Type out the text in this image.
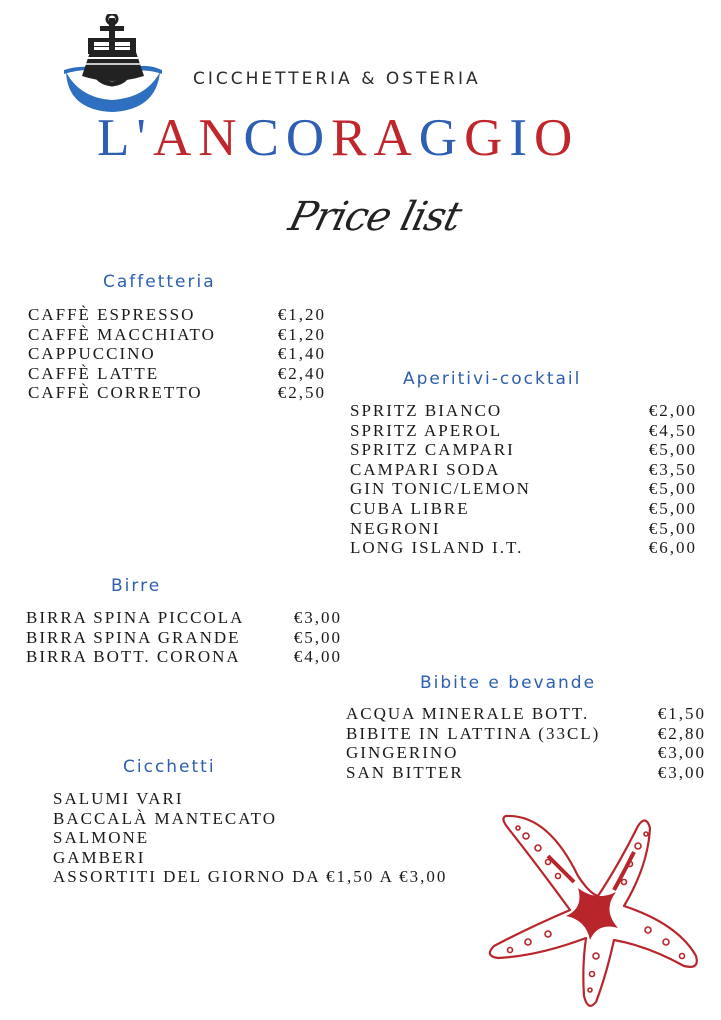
CICCHETTERIA & OSTERIA
L'ANCORAGGIO
Price list
Caffetteria
CAFFÈ ESPRESSO	€1,20
CAFFÈ MACCHIATO	€1,20
CAPPUCCINO	€1,40
CAFFÈ LATTE	€2,40
CAFFÈ CORRETTO	€2,50
Aperitivi-cocktail
SPRITZ BIANCO	€2,00
SPRITZ APEROL	€4,50
SPRITZ CAMPARI	€5,00
CAMPARI SODA	€3,50
GIN TONIC/LEMON	€5,00
CUBA LIBRE	€5,00
NEGRONI	€5,00
LONG ISLAND I.T.	€6,00
Birre
BIRRA SPINA PICCOLA	€3,00
BIRRA SPINA GRANDE	€5,00
BIRRA BOTT. CORONA	€4,00
Bibite e bevande
ACQUA MINERALE BOTT.	€1,50
BIBITE IN LATTINA (33CL)	€2,80
GINGERINO	€3,00
SAN BITTER	€3,00
Cicchetti
SALUMI VARI
BACCALÀ MANTECATO
SALMONE
GAMBERI
ASSORTITI DEL GIORNO DA €1,50 A €3,00
